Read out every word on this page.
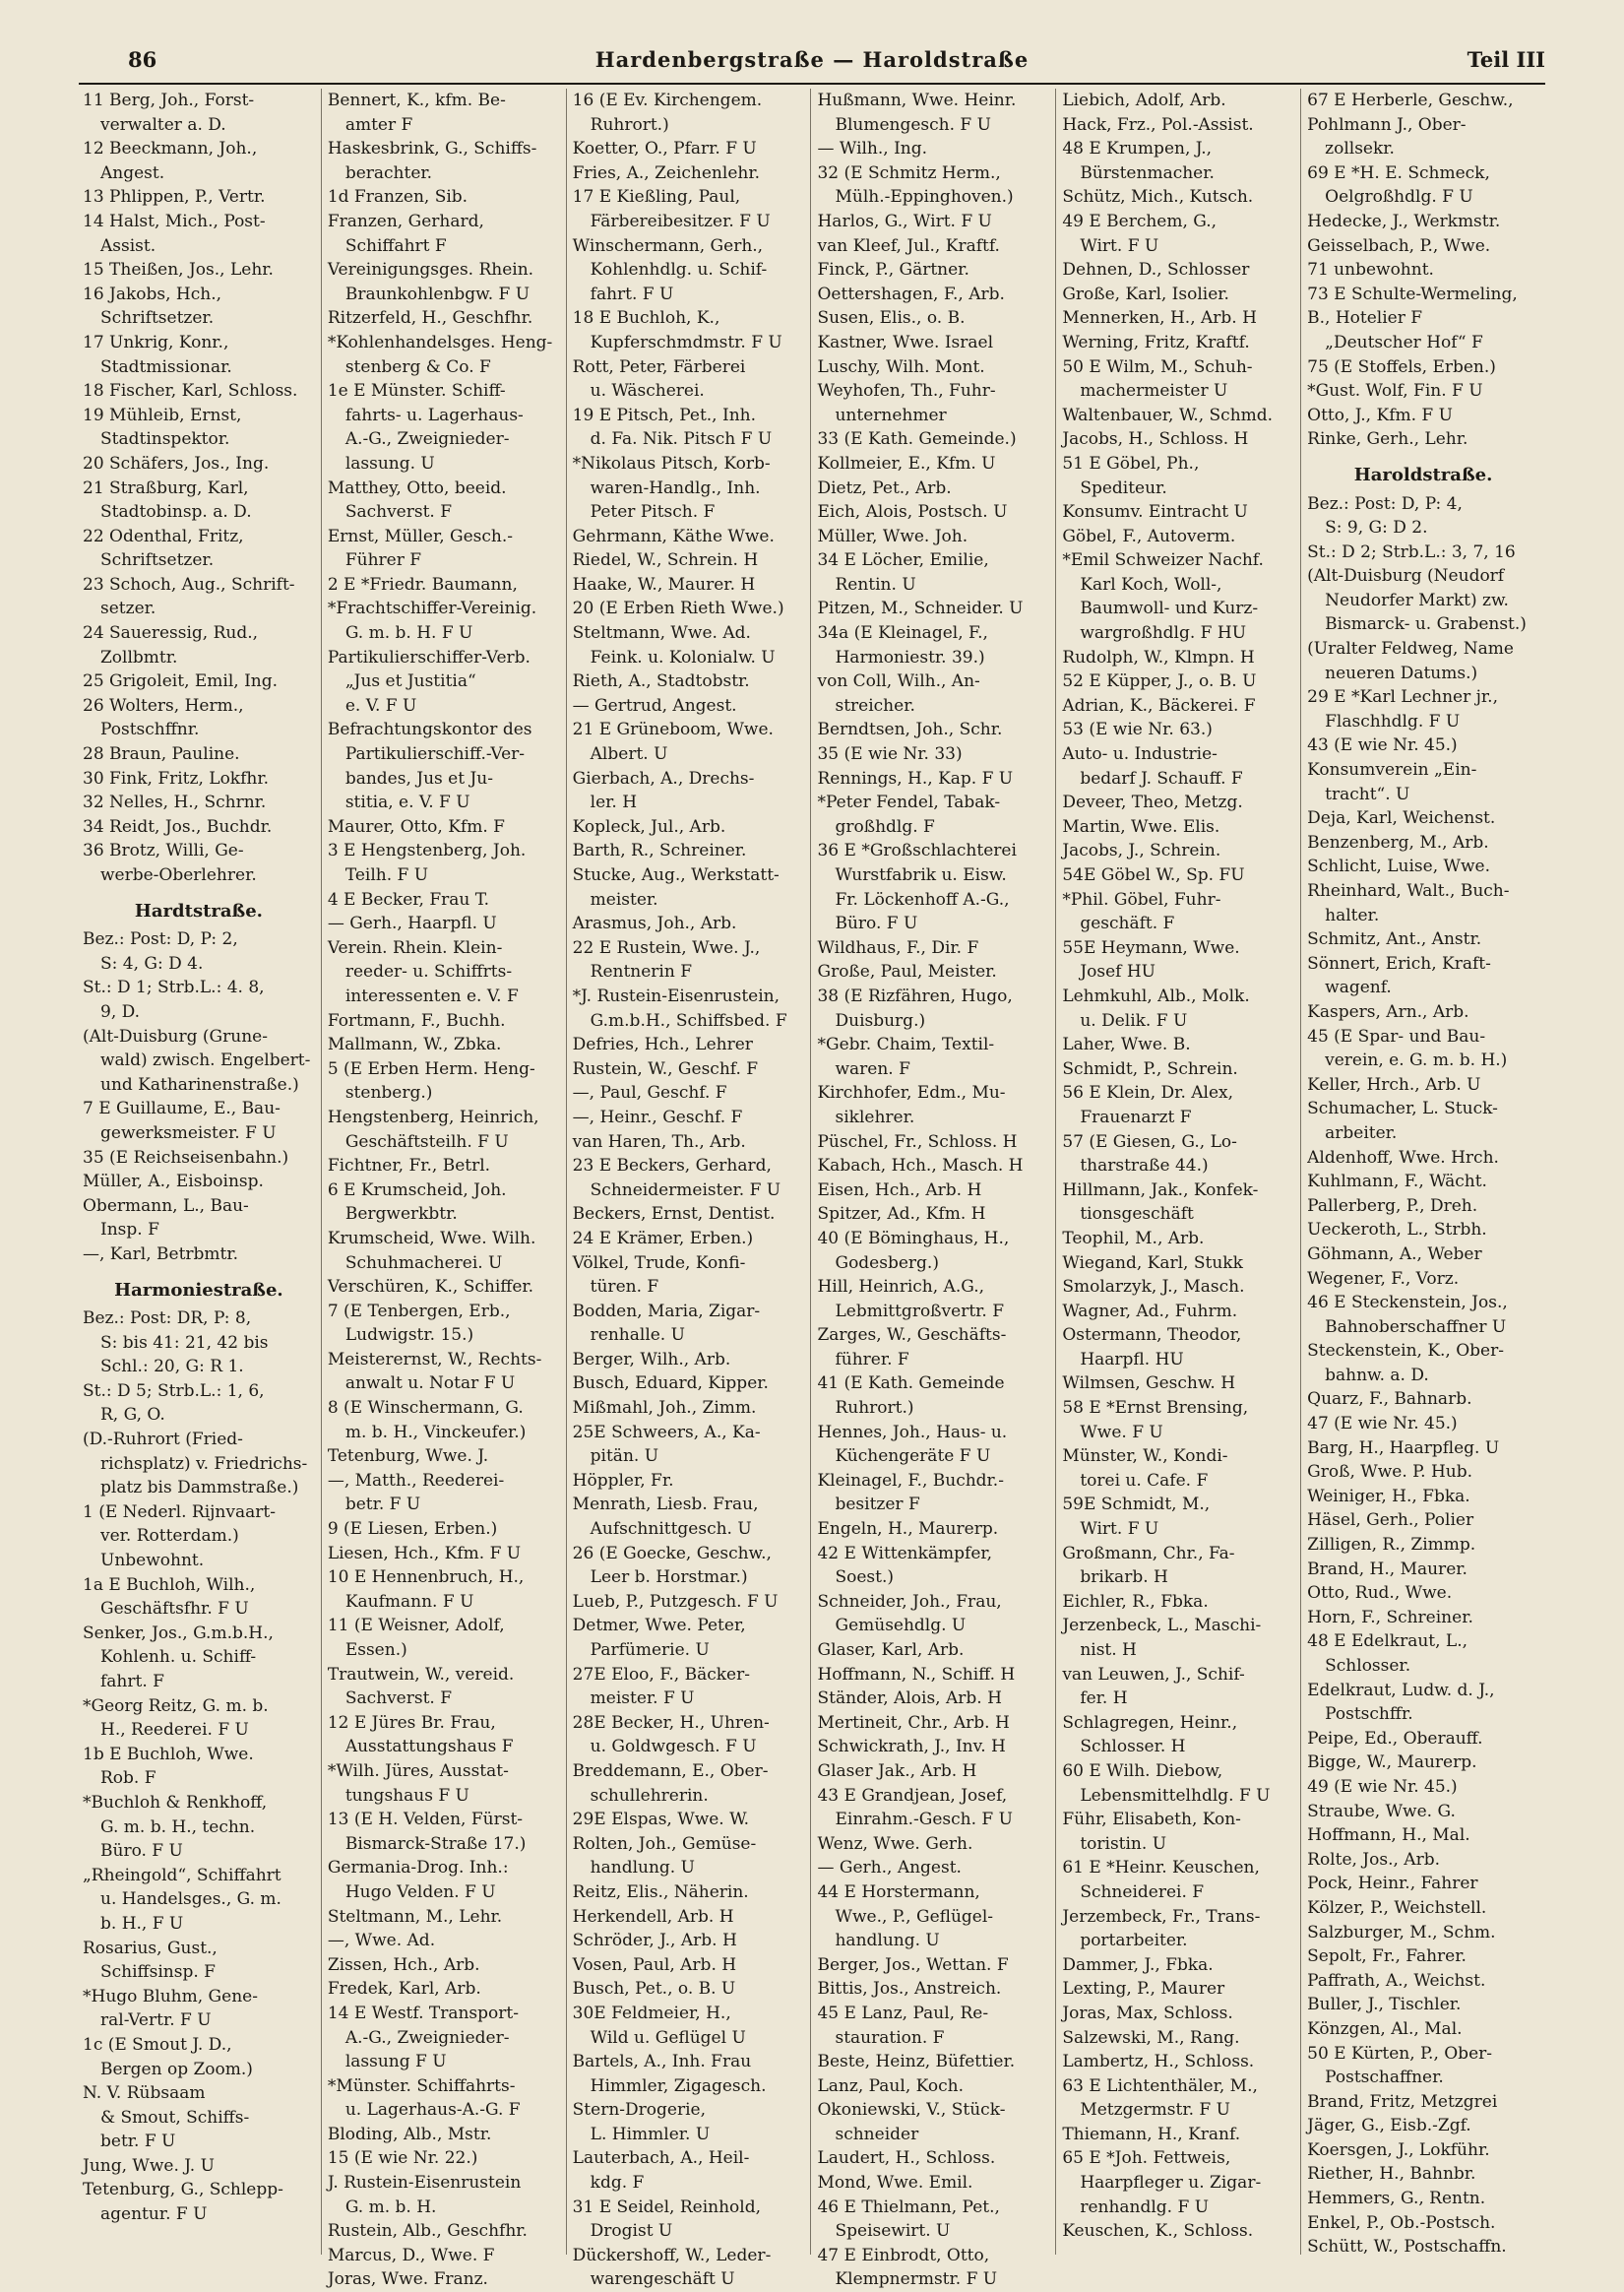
Hardenbergstraße — Haroldstraße
86	Teil III
11 Berg, Joh., Forst-
verwalter a. D.
12 Beeckmann, Joh.,
Angest.
13 Phlippen, P., Vertr.
14 Halst, Mich., Post-
Assist.
15 Theißen, Jos., Lehr.
16 Jakobs, Hch.,
Schriftsetzer.
17 Unkrig, Konr.,
Stadtmissionar.
18 Fischer, Karl, Schloss.
19 Mühleib, Ernst,
Stadtinspektor.
20 Schäfers, Jos., Ing.
21 Straßburg, Karl,
Stadtobinsp. a. D.
22 Odenthal, Fritz,
Schriftsetzer.
23 Schoch, Aug., Schrift-
setzer.
24 Saueressig, Rud.,
Zollbmtr.
25 Grigoleit, Emil, Ing.
26 Wolters, Herm.,
Postschffnr.
28 Braun, Pauline.
30 Fink, Fritz, Lokfhr.
32 Nelles, H., Schrnr.
34 Reidt, Jos., Buchdr.
36 Brotz, Willi, Ge-
werbe-Oberlehrer.
Hardtstraße.
Bez.: Post: D, P: 2,
S: 4, G: D 4.
St.: D 1; Strb.L.: 4. 8,
9, D.
(Alt-Duisburg (Grune-
wald) zwisch. Engelbert-
und Katharinenstraße.)
7 E Guillaume, E., Bau-
gewerksmeister. F U
35 (E Reichseisenbahn.)
Müller, A., Eisboinsp.
Obermann, L., Bau-
Insp. F
—, Karl, Betrbmtr.
Harmoniestraße.
Bez.: Post: DR, P: 8,
S: bis 41: 21, 42 bis
Schl.: 20, G: R 1.
St.: D 5; Strb.L.: 1, 6,
R, G, O.
(D.-Ruhrort (Fried-
richsplatz) v. Friedrichs-
platz bis Dammstraße.)
1 (E Nederl. Rijnvaart-
ver. Rotterdam.)
Unbewohnt.
1a E Buchloh, Wilh.,
Geschäftsfhr. F U
Senker, Jos., G.m.b.H.,
Kohlenh. u. Schiff-
fahrt. F
*Georg Reitz, G. m. b.
H., Reederei. F U
1b E Buchloh, Wwe.
Rob. F
*Buchloh & Renkhoff,
G. m. b. H., techn.
Büro. F U
„Rheingold“, Schiffahrt
u. Handelsges., G. m.
b. H., F U
Rosarius, Gust.,
Schiffsinsp. F
*Hugo Bluhm, Gene-
ral-Vertr. F U
1c (E Smout J. D.,
Bergen op Zoom.)
N. V. Rübsaam
& Smout, Schiffs-
betr. F U
Jung, Wwe. J. U
Tetenburg, G., Schlepp-
agentur. F U
Bennert, K., kfm. Be-
amter F
Haskesbrink, G., Schiffs-
berachter.
1d Franzen, Sib.
Franzen, Gerhard,
Schiffahrt F
Vereinigungsges. Rhein.
Braunkohlenbgw. F U
Ritzerfeld, H., Geschfhr.
*Kohlenhandelsges. Heng-
stenberg & Co. F
1e E Münster. Schiff-
fahrts- u. Lagerhaus-
A.-G., Zweignieder-
lassung. U
Matthey, Otto, beeid.
Sachverst. F
Ernst, Müller, Gesch.-
Führer F
2 E *Friedr. Baumann,
*Frachtschiffer-Vereinig.
G. m. b. H. F U
Partikulierschiffer-Verb.
„Jus et Justitia“
e. V. F U
Befrachtungskontor des
Partikulierschiff.-Ver-
bandes, Jus et Ju-
stitia, e. V. F U
Maurer, Otto, Kfm. F
3 E Hengstenberg, Joh.
Teilh. F U
4 E Becker, Frau T.
— Gerh., Haarpfl. U
Verein. Rhein. Klein-
reeder- u. Schiffrts-
interessenten e. V. F
Fortmann, F., Buchh.
Mallmann, W., Zbka.
5 (E Erben Herm. Heng-
stenberg.)
Hengstenberg, Heinrich,
Geschäftsteilh. F U
Fichtner, Fr., Betrl.
6 E Krumscheid, Joh.
Bergwerkbtr.
Krumscheid, Wwe. Wilh.
Schuhmacherei. U
Verschüren, K., Schiffer.
7 (E Tenbergen, Erb.,
Ludwigstr. 15.)
Meisterernst, W., Rechts-
anwalt u. Notar F U
8 (E Winschermann, G.
m. b. H., Vinckeufer.)
Tetenburg, Wwe. J.
—, Matth., Reederei-
betr. F U
9 (E Liesen, Erben.)
Liesen, Hch., Kfm. F U
10 E Hennenbruch, H.,
Kaufmann. F U
11 (E Weisner, Adolf,
Essen.)
Trautwein, W., vereid.
Sachverst. F
12 E Jüres Br. Frau,
Ausstattungshaus F
*Wilh. Jüres, Ausstat-
tungshaus F U
13 (E H. Velden, Fürst-
Bismarck-Straße 17.)
Germania-Drog. Inh.:
Hugo Velden. F U
Steltmann, M., Lehr.
—, Wwe. Ad.
Zissen, Hch., Arb.
Fredek, Karl, Arb.
14 E Westf. Transport-
A.-G., Zweignieder-
lassung F U
*Münster. Schiffahrts-
u. Lagerhaus-A.-G. F
Bloding, Alb., Mstr.
15 (E wie Nr. 22.)
J. Rustein-Eisenrustein
G. m. b. H.
Rustein, Alb., Geschfhr.
Marcus, D., Wwe. F
Joras, Wwe. Franz.
16 (E Ev. Kirchengem.
Ruhrort.)
Koetter, O., Pfarr. F U
Fries, A., Zeichenlehr.
17 E Kießling, Paul,
Färbereibesitzer. F U
Winschermann, Gerh.,
Kohlenhdlg. u. Schif-
fahrt. F U
18 E Buchloh, K.,
Kupferschmdmstr. F U
Rott, Peter, Färberei
u. Wäscherei.
19 E Pitsch, Pet., Inh.
d. Fa. Nik. Pitsch F U
*Nikolaus Pitsch, Korb-
waren-Handlg., Inh.
Peter Pitsch. F
Gehrmann, Käthe Wwe.
Riedel, W., Schrein. H
Haake, W., Maurer. H
20 (E Erben Rieth Wwe.)
Steltmann, Wwe. Ad.
Feink. u. Kolonialw. U
Rieth, A., Stadtobstr.
— Gertrud, Angest.
21 E Grüneboom, Wwe.
Albert. U
Gierbach, A., Drechs-
ler. H
Kopleck, Jul., Arb.
Barth, R., Schreiner.
Stucke, Aug., Werkstatt-
meister.
Arasmus, Joh., Arb.
22 E Rustein, Wwe. J.,
Rentnerin F
*J. Rustein-Eisenrustein,
G.m.b.H., Schiffsbed. F
Defries, Hch., Lehrer
Rustein, W., Geschf. F
—, Paul, Geschf. F
—, Heinr., Geschf. F
van Haren, Th., Arb.
23 E Beckers, Gerhard,
Schneidermeister. F U
Beckers, Ernst, Dentist.
24 E Krämer, Erben.)
Völkel, Trude, Konfi-
türen. F
Bodden, Maria, Zigar-
renhalle. U
Berger, Wilh., Arb.
Busch, Eduard, Kipper.
Mißmahl, Joh., Zimm.
25E Schweers, A., Ka-
pitän. U
Höppler, Fr.
Menrath, Liesb. Frau,
Aufschnittgesch. U
26 (E Goecke, Geschw.,
Leer b. Horstmar.)
Lueb, P., Putzgesch. F U
Detmer, Wwe. Peter,
Parfümerie. U
27E Eloo, F., Bäcker-
meister. F U
28E Becker, H., Uhren-
u. Goldwgesch. F U
Breddemann, E., Ober-
schullehrerin.
29E Elspas, Wwe. W.
Rolten, Joh., Gemüse-
handlung. U
Reitz, Elis., Näherin.
Herkendell, Arb. H
Schröder, J., Arb. H
Vosen, Paul, Arb. H
Busch, Pet., o. B. U
30E Feldmeier, H.,
Wild u. Geflügel U
Bartels, A., Inh. Frau
Himmler, Zigagesch.
Stern-Drogerie,
L. Himmler. U
Lauterbach, A., Heil-
kdg. F
31 E Seidel, Reinhold,
Drogist U
Dückershoff, W., Leder-
warengeschäft U
Hußmann, Wwe. Heinr.
Blumengesch. F U
— Wilh., Ing.
32 (E Schmitz Herm.,
Mülh.-Eppinghoven.)
Harlos, G., Wirt. F U
van Kleef, Jul., Kraftf.
Finck, P., Gärtner.
Oettershagen, F., Arb.
Susen, Elis., o. B.
Kastner, Wwe. Israel
Luschy, Wilh. Mont.
Weyhofen, Th., Fuhr-
unternehmer
33 (E Kath. Gemeinde.)
Kollmeier, E., Kfm. U
Dietz, Pet., Arb.
Eich, Alois, Postsch. U
Müller, Wwe. Joh.
34 E Löcher, Emilie,
Rentin. U
Pitzen, M., Schneider. U
34a (E Kleinagel, F.,
Harmoniestr. 39.)
von Coll, Wilh., An-
streicher.
Berndtsen, Joh., Schr.
35 (E wie Nr. 33)
Rennings, H., Kap. F U
*Peter Fendel, Tabak-
großhdlg. F
36 E *Großschlachterei
Wurstfabrik u. Eisw.
Fr. Löckenhoff A.-G.,
Büro. F U
Wildhaus, F., Dir. F
Große, Paul, Meister.
38 (E Rizfähren, Hugo,
Duisburg.)
*Gebr. Chaim, Textil-
waren. F
Kirchhofer, Edm., Mu-
siklehrer.
Püschel, Fr., Schloss. H
Kabach, Hch., Masch. H
Eisen, Hch., Arb. H
Spitzer, Ad., Kfm. H
40 (E Böminghaus, H.,
Godesberg.)
Hill, Heinrich, A.G.,
Lebmittgroßvertr. F
Zarges, W., Geschäfts-
führer. F
41 (E Kath. Gemeinde
Ruhrort.)
Hennes, Joh., Haus- u.
Küchengeräte F U
Kleinagel, F., Buchdr.-
besitzer F
Engeln, H., Maurerp.
42 E Wittenkämpfer,
Soest.)
Schneider, Joh., Frau,
Gemüsehdlg. U
Glaser, Karl, Arb.
Hoffmann, N., Schiff. H
Ständer, Alois, Arb. H
Mertineit, Chr., Arb. H
Schwickrath, J., Inv. H
Glaser Jak., Arb. H
43 E Grandjean, Josef,
Einrahm.-Gesch. F U
Wenz, Wwe. Gerh.
— Gerh., Angest.
44 E Horstermann,
Wwe., P., Geflügel-
handlung. U
Berger, Jos., Wettan. F
Bittis, Jos., Anstreich.
45 E Lanz, Paul, Re-
stauration. F
Beste, Heinz, Büfettier.
Lanz, Paul, Koch.
Okoniewski, V., Stück-
schneider
Laudert, H., Schloss.
Mond, Wwe. Emil.
46 E Thielmann, Pet.,
Speisewirt. U
47 E Einbrodt, Otto,
Klempnermstr. F U
Liebich, Adolf, Arb.
Hack, Frz., Pol.-Assist.
48 E Krumpen, J.,
Bürstenmacher.
Schütz, Mich., Kutsch.
49 E Berchem, G.,
Wirt. F U
Dehnen, D., Schlosser
Große, Karl, Isolier.
Mennerken, H., Arb. H
Werning, Fritz, Kraftf.
50 E Wilm, M., Schuh-
machermeister U
Waltenbauer, W., Schmd.
Jacobs, H., Schloss. H
51 E Göbel, Ph.,
Spediteur.
Konsumv. Eintracht U
Göbel, F., Autoverm.
*Emil Schweizer Nachf.
Karl Koch, Woll-,
Baumwoll- und Kurz-
wargroßhdlg. F HU
Rudolph, W., Klmpn. H
52 E Küpper, J., o. B. U
Adrian, K., Bäckerei. F
53 (E wie Nr. 63.)
Auto- u. Industrie-
bedarf J. Schauff. F
Deveer, Theo, Metzg.
Martin, Wwe. Elis.
Jacobs, J., Schrein.
54E Göbel W., Sp. FU
*Phil. Göbel, Fuhr-
geschäft. F
55E Heymann, Wwe.
Josef HU
Lehmkuhl, Alb., Molk.
u. Delik. F U
Laher, Wwe. B.
Schmidt, P., Schrein.
56 E Klein, Dr. Alex,
Frauenarzt F
57 (E Giesen, G., Lo-
tharstraße 44.)
Hillmann, Jak., Konfek-
tionsgeschäft
Teophil, M., Arb.
Wiegand, Karl, Stukk
Smolarzyk, J., Masch.
Wagner, Ad., Fuhrm.
Ostermann, Theodor,
Haarpfl. HU
Wilmsen, Geschw. H
58 E *Ernst Brensing,
Wwe. F U
Münster, W., Kondi-
torei u. Cafe. F
59E Schmidt, M.,
Wirt. F U
Großmann, Chr., Fa-
brikarb. H
Eichler, R., Fbka.
Jerzenbeck, L., Maschi-
nist. H
van Leuwen, J., Schif-
fer. H
Schlagregen, Heinr.,
Schlosser. H
60 E Wilh. Diebow,
Lebensmittelhdlg. F U
Führ, Elisabeth, Kon-
toristin. U
61 E *Heinr. Keuschen,
Schneiderei. F
Jerzembeck, Fr., Trans-
portarbeiter.
Dammer, J., Fbka.
Lexting, P., Maurer
Joras, Max, Schloss.
Salzewski, M., Rang.
Lambertz, H., Schloss.
63 E Lichtenthäler, M.,
Metzgermstr. F U
Thiemann, H., Kranf.
65 E *Joh. Fettweis,
Haarpfleger u. Zigar-
renhandlg. F U
Keuschen, K., Schloss.
67 E Herberle, Geschw.,
Pohlmann J., Ober-
zollsekr.
69 E *H. E. Schmeck,
Oelgroßhdlg. F U
Hedecke, J., Werkmstr.
Geisselbach, P., Wwe.
71 unbewohnt.
73 E Schulte-Wermeling, B., Hotelier F
„Deutscher Hof“ F
75 (E Stoffels, Erben.)
*Gust. Wolf, Fin. F U
Otto, J., Kfm. F U
Rinke, Gerh., Lehr.
Haroldstraße.
Bez.: Post: D, P: 4,
S: 9, G: D 2.
St.: D 2; Strb.L.: 3, 7, 16
(Alt-Duisburg (Neudorf
Neudorfer Markt) zw.
Bismarck- u. Grabenst.)
(Uralter Feldweg, Name
neueren Datums.)
29 E *Karl Lechner jr.,
Flaschhdlg. F U
43 (E wie Nr. 45.)
Konsumverein „Ein-
tracht“. U
Deja, Karl, Weichenst.
Benzenberg, M., Arb.
Schlicht, Luise, Wwe.
Rheinhard, Walt., Buch-
halter.
Schmitz, Ant., Anstr.
Sönnert, Erich, Kraft-
wagenf.
Kaspers, Arn., Arb.
45 (E Spar- und Bau-
verein, e. G. m. b. H.)
Keller, Hrch., Arb. U
Schumacher, L. Stuck-
arbeiter.
Aldenhoff, Wwe. Hrch.
Kuhlmann, F., Wächt.
Pallerberg, P., Dreh.
Ueckeroth, L., Strbh.
Göhmann, A., Weber
Wegener, F., Vorz.
46 E Steckenstein, Jos.,
Bahnoberschaffner U
Steckenstein, K., Ober-
bahnw. a. D.
Quarz, F., Bahnarb.
47 (E wie Nr. 45.)
Barg, H., Haarpfleg. U
Groß, Wwe. P. Hub.
Weiniger, H., Fbka.
Häsel, Gerh., Polier
Zilligen, R., Zimmp.
Brand, H., Maurer.
Otto, Rud., Wwe.
Horn, F., Schreiner.
48 E Edelkraut, L.,
Schlosser.
Edelkraut, Ludw. d. J.,
Postschffr.
Peipe, Ed., Oberauff.
Bigge, W., Maurerp.
49 (E wie Nr. 45.)
Straube, Wwe. G.
Hoffmann, H., Mal.
Rolte, Jos., Arb.
Pock, Heinr., Fahrer
Kölzer, P., Weichstell.
Salzburger, M., Schm.
Sepolt, Fr., Fahrer.
Paffrath, A., Weichst.
Buller, J., Tischler.
Könzgen, Al., Mal.
50 E Kürten, P., Ober-
Postschaffner.
Brand, Fritz, Metzgrei
Jäger, G., Eisb.-Zgf.
Koersgen, J., Lokführ.
Riether, H., Bahnbr.
Hemmers, G., Rentn.
Enkel, P., Ob.-Postsch.
Schütt, W., Postschaffn.
